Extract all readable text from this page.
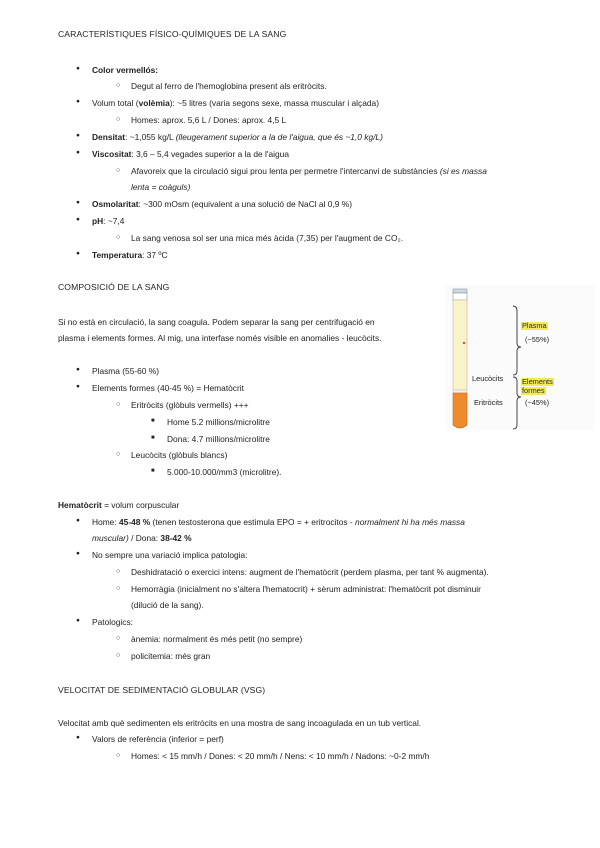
CARACTERÍSTIQUES FÍSICO-QUÍMIQUES DE LA SANG
● Color vermellós:
○ Degut al ferro de l'hemoglobina present als eritròcits.
● Volum total (volèmia): ~5 litres (varia segons sexe, massa muscular i alçada)
○ Homes: aprox. 5,6 L / Dones: aprox. 4,5 L
● Densitat: ~1,055 kg/L (lleugerament superior a la de l'aigua, que és ~1,0 kg/L)
● Viscositat: 3,6 – 5,4 vegades superior a la de l'aigua
○ Afavoreix que la circulació sigui prou lenta per permetre l'intercanvi de substàncies (si es massa
lenta = coàguls)
● Osmolaritat: ~300 mOsm (equivalent a una solució de NaCl al 0,9 %)
● pH: ~7,4
○ La sang venosa sol ser una mica més àcida (7,35) per l'augment de CO₂.
● Temperatura: 37 ºC
COMPOSICIÓ DE LA SANG
Si no està en circulació, la sang coagula. Podem separar la sang per centrifugació en
plasma i elements formes. Al mig, una interfase només visible en anomalies - leucòcits.
● Plasma (55-60 %)
● Elements formes (40-45 %) = Hematòcrit
○ Eritròcits (glòbuls vermells) +++
■ Home 5.2 millions/microlitre
■ Dona: 4.7 millions/microlitre
○ Leucòcits (glòbuls blancs)
■ 5.000-10.000/mm3 (microlitre).
Plasma
(~55%)
Leucòcits
Eritròcits
Elements
formes
(~45%)
Hematòcrit = volum corpuscular
● Home: 45-48 % (tenen testosterona que estimula EPO = + eritrocitos - normalment hi ha més massa
muscular) / Dona: 38-42 %
● No sempre una variació implica patologia:
○ Deshidratació o exercici intens: augment de l'hematòcrit (perdem plasma, per tant % augmenta).
○ Hemorràgia (inicialment no s'altera l'hematocrit) + sèrum administrat: l'hematòcrit pot disminuir
(dilució de la sang).
● Patologics:
○ ànemia: normalment és més petit (no sempre)
○ policitemia: més gran
VELOCITAT DE SEDIMENTACIÓ GLOBULAR (VSG)
Velocitat amb què sedimenten els eritròcits en una mostra de sang incoagulada en un tub vertical.
● Valors de referència (inferior = perf)
○ Homes: < 15 mm/h / Dones: < 20 mm/h / Nens: < 10 mm/h / Nadons: ~0-2 mm/h
